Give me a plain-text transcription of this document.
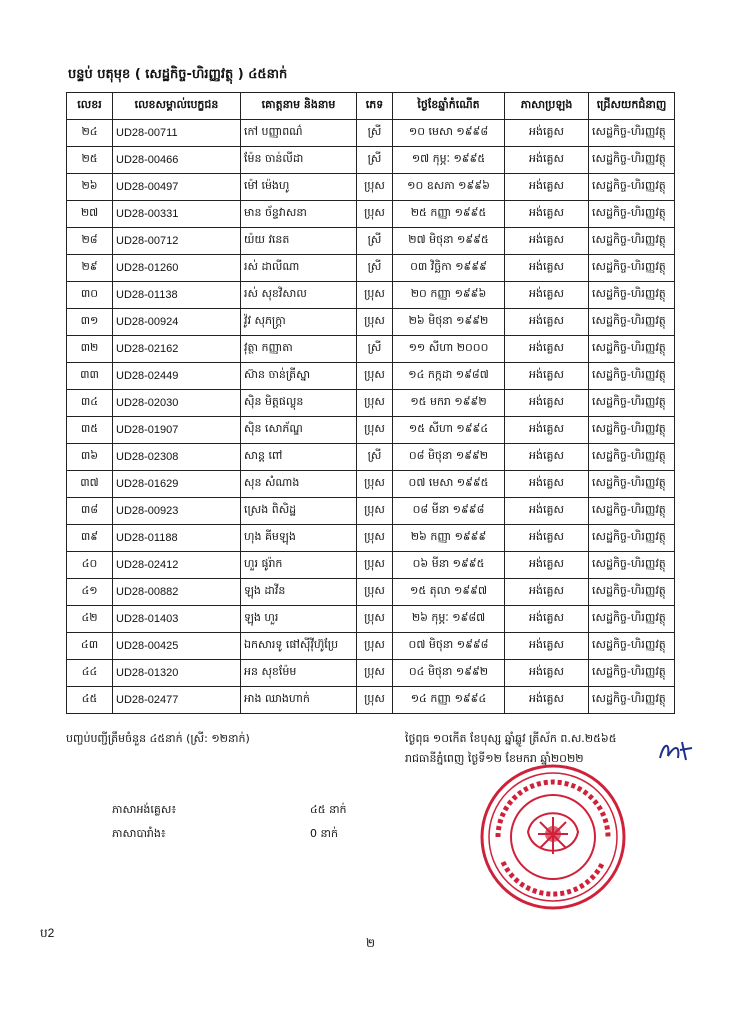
បន្ទប់ បតុមុខ ( សេដ្ឋកិច្ច-ហិរញ្ញវត្ថុ ) ៤៥នាក់
លេខរ	លេខសម្គាល់បេក្ខជន	គោត្តនាម និងនាម	ភេទ	ថ្ងៃខែឆ្នាំកំណើត	ភាសាប្រឡង	ជ្រើសយកជំនាញ
២៤	UD28-00711	កៅ បញ្ញាពណ៌	ស្រី	១០ មេសា ១៩៩៨	អង់គ្លេស	សេដ្ឋកិច្ច-ហិរញ្ញវត្ថុ
២៥	UD28-00466	ម៉ែន ចាន់លីដា	ស្រី	១៧ កុម្ភៈ ១៩៩៥	អង់គ្លេស	សេដ្ឋកិច្ច-ហិរញ្ញវត្ថុ
២៦	UD28-00497	ម៉ៅ ម៉េងហូ	ប្រុស	១០ ឧសភា ១៩៩៦	អង់គ្លេស	សេដ្ឋកិច្ច-ហិរញ្ញវត្ថុ
២៧	UD28-00331	មាន ច័ន្ទវាសនា	ប្រុស	២៥ កញ្ញា ១៩៩៥	អង់គ្លេស	សេដ្ឋកិច្ច-ហិរញ្ញវត្ថុ
២៨	UD28-00712	យ៉យ វនេត	ស្រី	២៧ មិថុនា ១៩៩៥	អង់គ្លេស	សេដ្ឋកិច្ច-ហិរញ្ញវត្ថុ
២៩	UD28-01260	រស់ ដាលីណា	ស្រី	០៣ វិច្ឆិកា ១៩៩៩	អង់គ្លេស	សេដ្ឋកិច្ច-ហិរញ្ញវត្ថុ
៣០	UD28-01138	រស់ សុខវិសាល	ប្រុស	២០ កញ្ញា ១៩៩៦	អង់គ្លេស	សេដ្ឋកិច្ច-ហិរញ្ញវត្ថុ
៣១	UD28-00924	វ៉ូវ សុភក្រ្តា	ប្រុស	២៦ មិថុនា ១៩៩២	អង់គ្លេស	សេដ្ឋកិច្ច-ហិរញ្ញវត្ថុ
៣២	UD28-02162	វុត្ថា កញ្ញាតា	ស្រី	១១ សីហា ២០០០	អង់គ្លេស	សេដ្ឋកិច្ច-ហិរញ្ញវត្ថុ
៣៣	UD28-02449	ស៊ាន ចាន់ត្រីស្នា	ប្រុស	១៤ កក្កដា ១៩៨៧	អង់គ្លេស	សេដ្ឋកិច្ច-ហិរញ្ញវត្ថុ
៣៤	UD28-02030	ស៊ិន មិត្តផល្លុន	ប្រុស	១៥ មករា ១៩៩២	អង់គ្លេស	សេដ្ឋកិច្ច-ហិរញ្ញវត្ថុ
៣៥	UD28-01907	ស៊ិន សោភ័ណ្ឌ	ប្រុស	១៥ សីហា ១៩៩៤	អង់គ្លេស	សេដ្ឋកិច្ច-ហិរញ្ញវត្ថុ
៣៦	UD28-02308	សាន្ត ពៅ	ស្រី	០៨ មិថុនា ១៩៩២	អង់គ្លេស	សេដ្ឋកិច្ច-ហិរញ្ញវត្ថុ
៣៧	UD28-01629	សុន សំណាង	ប្រុស	០៧ មេសា ១៩៩៥	អង់គ្លេស	សេដ្ឋកិច្ច-ហិរញ្ញវត្ថុ
៣៨	UD28-00923	ស្រេង ពិសិដ្ឋ	ប្រុស	០៨ មីនា ១៩៩៨	អង់គ្លេស	សេដ្ឋកិច្ច-ហិរញ្ញវត្ថុ
៣៩	UD28-01188	ហុង គីមឡុង	ប្រុស	២៦ កញ្ញា ១៩៩៩	អង់គ្លេស	សេដ្ឋកិច្ច-ហិរញ្ញវត្ថុ
៤០	UD28-02412	ហួរ ផូរ៉ាក	ប្រុស	០៦ មីនា ១៩៩៥	អង់គ្លេស	សេដ្ឋកិច្ច-ហិរញ្ញវត្ថុ
៤១	UD28-00882	ឡុង ដាវីន	ប្រុស	១៥ តុលា ១៩៩៧	អង់គ្លេស	សេដ្ឋកិច្ច-ហិរញ្ញវត្ថុ
៤២	UD28-01403	ឡុង ហួរ	ប្រុស	២៦ កុម្ភៈ ១៩៨៧	អង់គ្លេស	សេដ្ឋកិច្ច-ហិរញ្ញវត្ថុ
៤៣	UD28-00425	ឯកសារទូ ផៅស៊ីវ៉ីហ៊ូប្រែ	ប្រុស	០៧ មិថុនា ១៩៩៨	អង់គ្លេស	សេដ្ឋកិច្ច-ហិរញ្ញវត្ថុ
៤៤	UD28-01320	អន សុខម៉ែម	ប្រុស	០៤ មិថុនា ១៩៩២	អង់គ្លេស	សេដ្ឋកិច្ច-ហិរញ្ញវត្ថុ
៤៥	UD28-02477	អាង ឈាងហាក់	ប្រុស	១៤ កញ្ញា ១៩៩៤	អង់គ្លេស	សេដ្ឋកិច្ច-ហិរញ្ញវត្ថុ
បញ្ចប់បញ្ជីត្រឹមចំនួន ៤៥នាក់ (ស្រី: ១២នាក់)	ថ្ងៃពុធ ១០កើត ខែបុស្ស ឆ្នាំឆ្លូវ ត្រីស័ក ព.ស.២៥៦៥
រាជធានីភ្នំពេញ ថ្ងៃទី១២ ខែមករា ឆ្នាំ២០២២
ភាសាអង់គ្លេស៖	៤៥ នាក់
ភាសាបារាំង៖	0 នាក់
ប2
២
